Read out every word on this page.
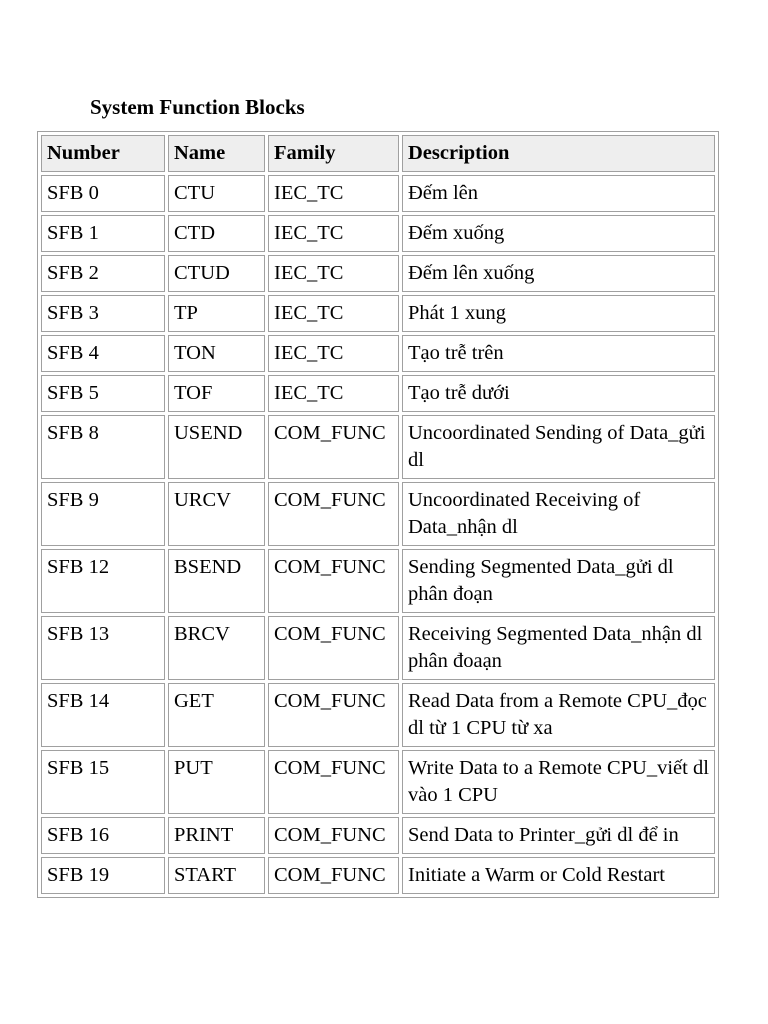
System Function Blocks
Number	Name	Family	Description
SFB 0	CTU	IEC_TC	Đếm lên
SFB 1	CTD	IEC_TC	Đếm xuống
SFB 2	CTUD	IEC_TC	Đếm lên xuống
SFB 3	TP	IEC_TC	Phát 1 xung
SFB 4	TON	IEC_TC	Tạo trễ trên
SFB 5	TOF	IEC_TC	Tạo trễ dưới
SFB 8	USEND	COM_FUNC	Uncoordinated Sending of Data_gửi dl
SFB 9	URCV	COM_FUNC	Uncoordinated Receiving of Data_nhận dl
SFB 12	BSEND	COM_FUNC	Sending Segmented Data_gửi dl phân đoạn
SFB 13	BRCV	COM_FUNC	Receiving Segmented Data_nhận dl phân đoaạn
SFB 14	GET	COM_FUNC	Read Data from a Remote CPU_đọc dl từ 1 CPU từ xa
SFB 15	PUT	COM_FUNC	Write Data to a Remote CPU_viết dl vào 1 CPU
SFB 16	PRINT	COM_FUNC	Send Data to Printer_gửi dl để in
SFB 19	START	COM_FUNC	Initiate a Warm or Cold Restart
